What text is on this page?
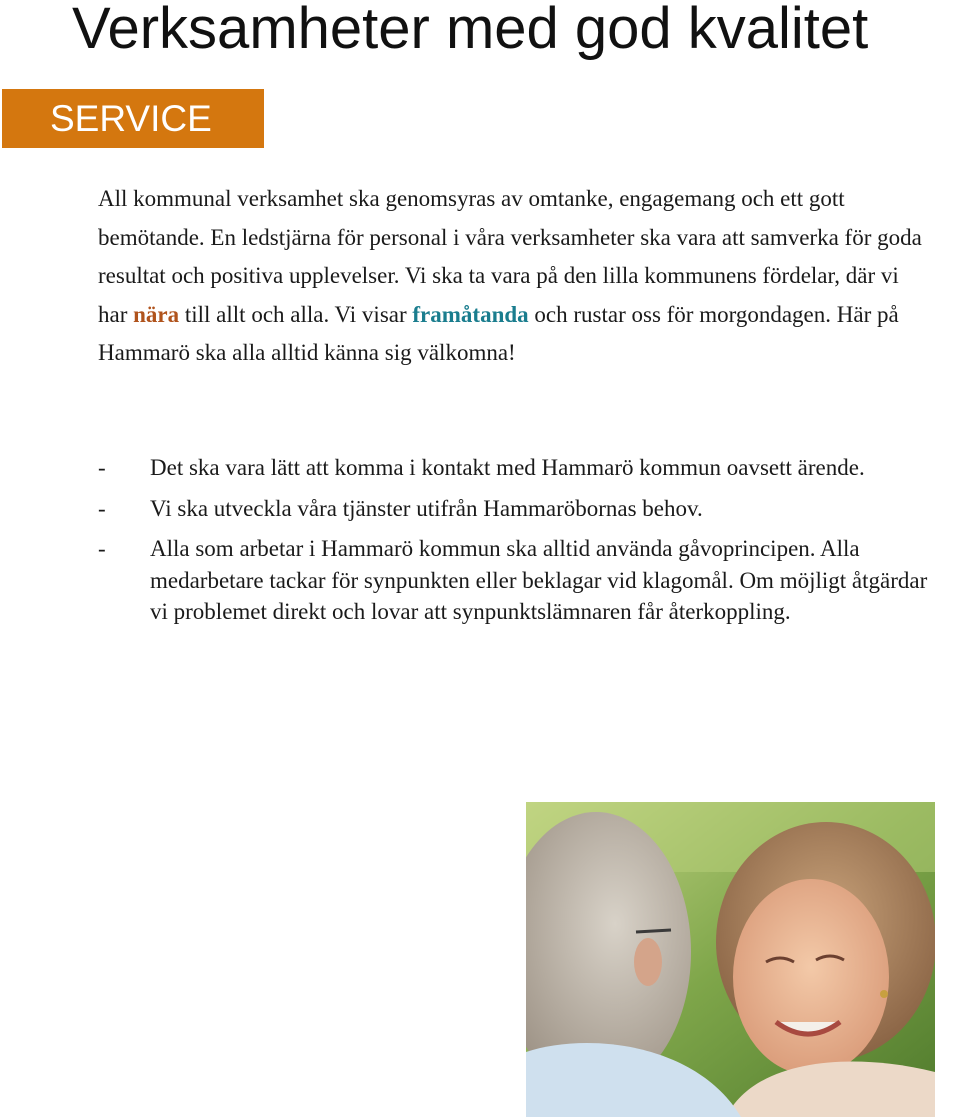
Verksamheter med god kvalitet
SERVICE

All kommunal verksamhet ska genomsyras av omtanke, engagemang och ett gott bemötande. En ledstjärna för personal i våra verksamheter ska vara att samverka för goda resultat och positiva upplevelser. Vi ska ta vara på den lilla kommunens fördelar, där vi har nära till allt och alla. Vi visar framåtanda och rustar oss för morgondagen. Här på Hammarö ska alla alltid känna sig välkomna!

- Det ska vara lätt att komma i kontakt med Hammarö kommun oavsett ärende.
- Vi ska utveckla våra tjänster utifrån Hammaröbornas behov.
- Alla som arbetar i Hammarö kommun ska alltid använda gåvoprincipen. Alla medarbetare tackar för synpunkten eller beklagar vid klagomål. Om möjligt åtgärdar vi problemet direkt och lovar att synpunktslämnaren får återkoppling.
